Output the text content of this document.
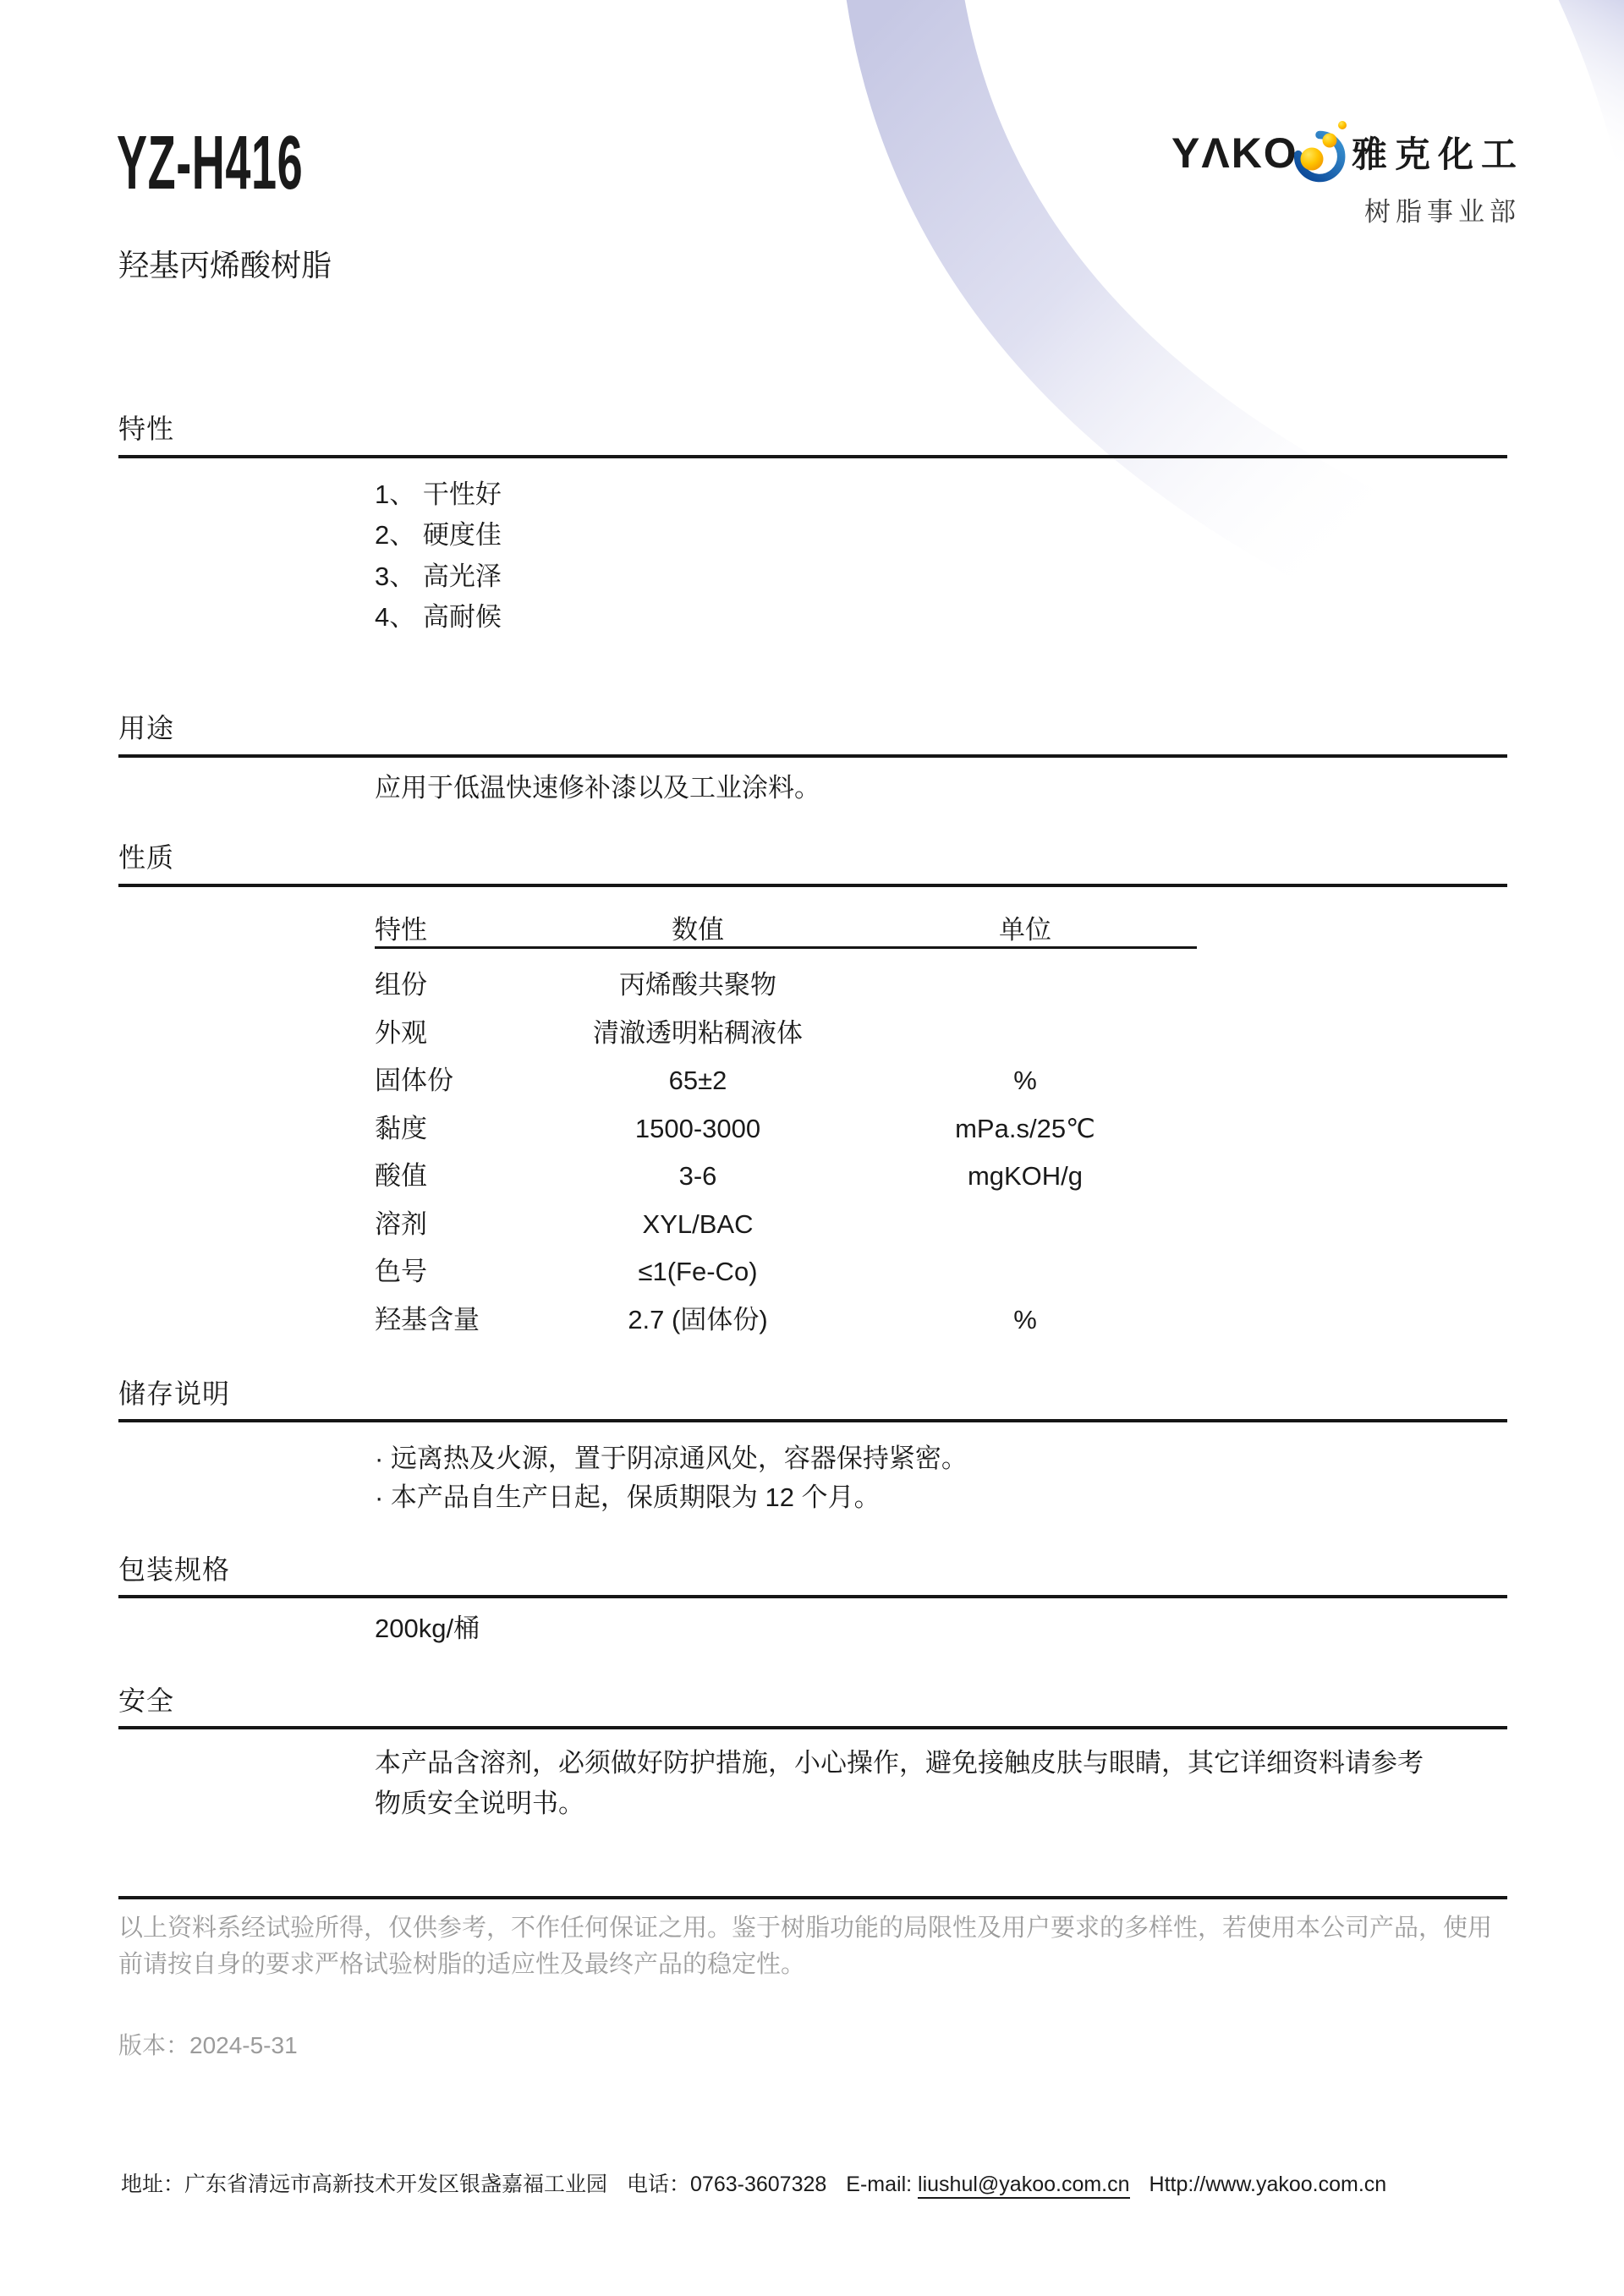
YZ-H416
羟基丙烯酸树脂
YΛKO 雅克化工
树脂事业部
特性
1、 干性好
2、 硬度佳
3、 高光泽
4、 高耐候
用途
应用于低温快速修补漆以及工业涂料。
性质
特性	数值	单位
组份	丙烯酸共聚物
外观	清澈透明粘稠液体
固体份	65±2	%
黏度	1500-3000	mPa.s/25℃
酸值	3-6	mgKOH/g
溶剂	XYL/BAC
色号	≤1(Fe-Co)
羟基含量	2.7 (固体份)	%
储存说明
· 远离热及火源，置于阴凉通风处，容器保持紧密。
· 本产品自生产日起，保质期限为 12 个月。
包装规格
200kg/桶
安全
本产品含溶剂，必须做好防护措施，小心操作，避免接触皮肤与眼睛，其它详细资料请参考
物质安全说明书。
以上资料系经试验所得，仅供参考，不作任何保证之用。鉴于树脂功能的局限性及用户要求的多样性，若使用本公司产品，使用
前请按自身的要求严格试验树脂的适应性及最终产品的稳定性。
版本：2024-5-31
地址：广东省清远市高新技术开发区银盏嘉福工业园 电话：0763-3607328 E-mail: liushul@yakoo.com.cn Http://www.yakoo.com.cn
